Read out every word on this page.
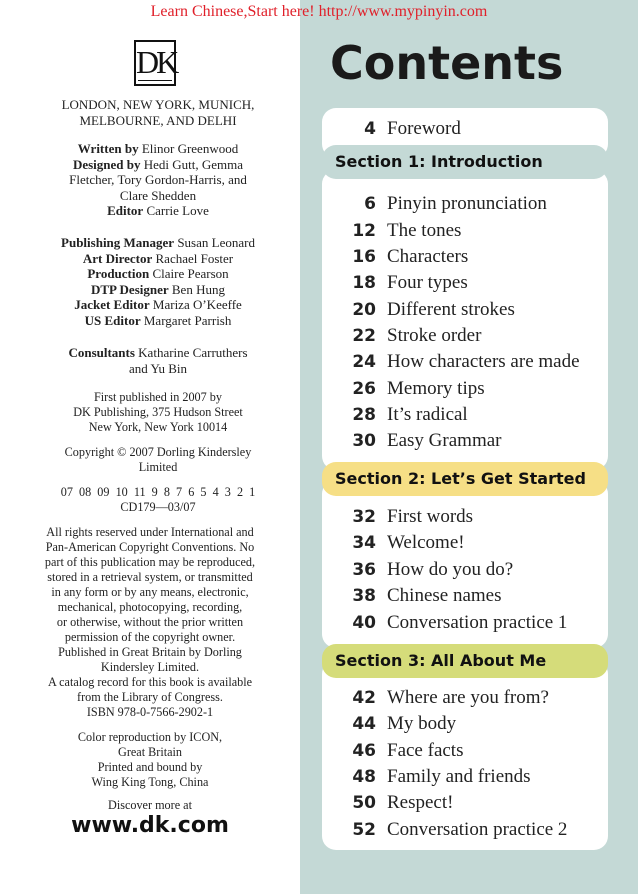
Learn Chinese,Start here! http://www.mypinyin.com
DK
LONDON, NEW YORK, MUNICH,
MELBOURNE, AND DELHI
Written by Elinor Greenwood
Designed by Hedi Gutt, Gemma
Fletcher, Tory Gordon-Harris, and
Clare Shedden
Editor Carrie Love
Publishing Manager Susan Leonard
Art Director Rachael Foster
Production Claire Pearson
DTP Designer Ben Hung
Jacket Editor Mariza O’Keeffe
US Editor Margaret Parrish
Consultants Katharine Carruthers
and Yu Bin
First published in 2007 by
DK Publishing, 375 Hudson Street
New York, New York 10014
Copyright © 2007 Dorling Kindersley
Limited
07  08  09  10  11  9  8  7  6  5  4  3  2  1
CD179—03/07
All rights reserved under International and
Pan-American Copyright Conventions. No
part of this publication may be reproduced,
stored in a retrieval system, or transmitted
in any form or by any means, electronic,
mechanical, photocopying, recording,
or otherwise, without the prior written
permission of the copyright owner.
Published in Great Britain by Dorling
Kindersley Limited.
A catalog record for this book is available
from the Library of Congress.
ISBN 978-0-7566-2902-1
Color reproduction by ICON,
Great Britain
Printed and bound by
Wing King Tong, China
Discover more at
www.dk.com
Contents
Section 1: Introduction
Section 2: Let’s Get Started
Section 3: All About Me
4 Foreword
6 Pinyin pronunciation
12 The tones
16 Characters
18 Four types
20 Different strokes
22 Stroke order
24 How characters are made
26 Memory tips
28 It’s radical
30 Easy Grammar
32 First words
34 Welcome!
36 How do you do?
38 Chinese names
40 Conversation practice 1
42 Where are you from?
44 My body
46 Face facts
48 Family and friends
50 Respect!
52 Conversation practice 2
